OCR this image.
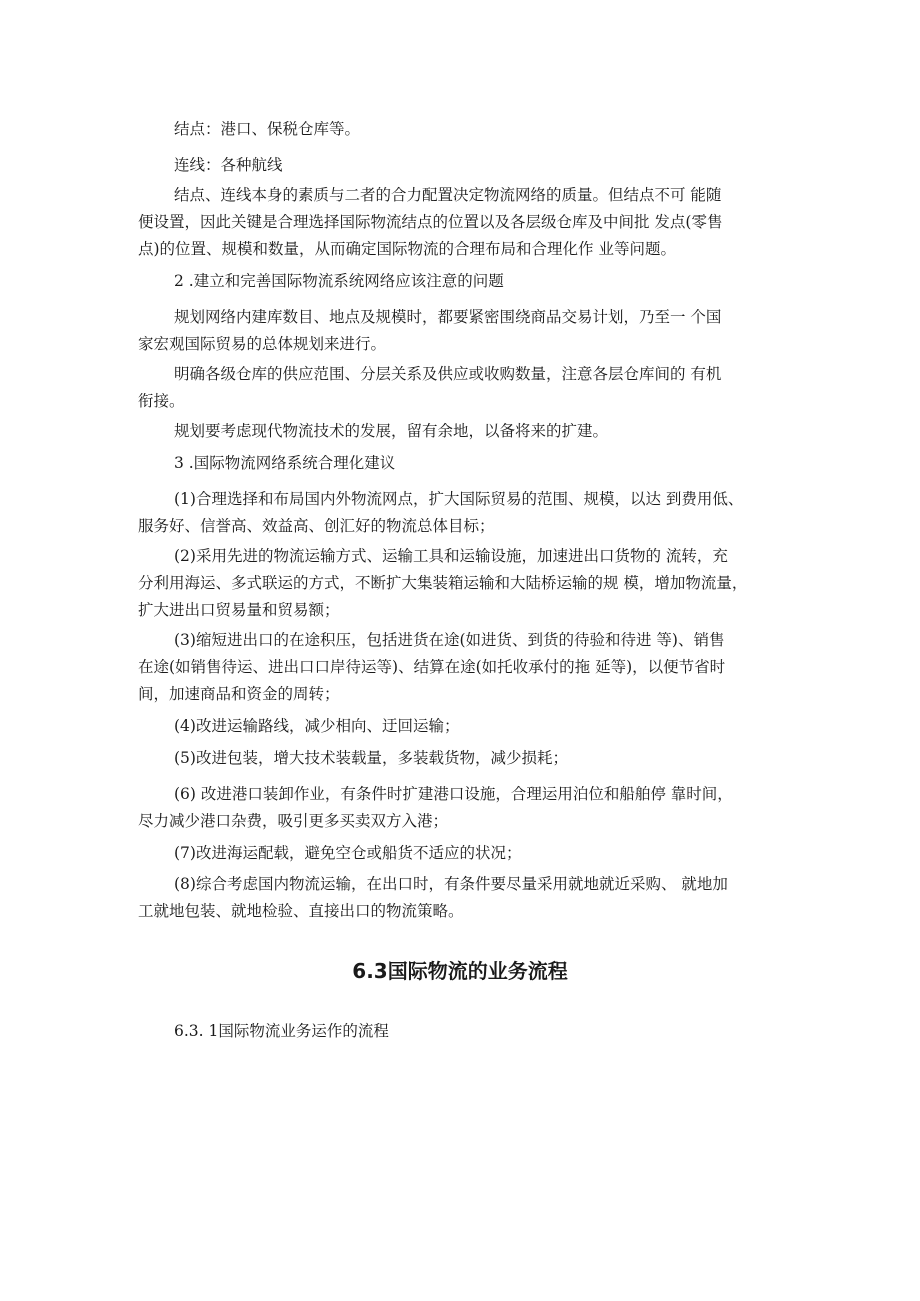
结点：港口、保税仓库等。
连线：各种航线
结点、连线本身的素质与二者的合力配置决定物流网络的质量。但结点不可 能随
便设置，因此关键是合理选择国际物流结点的位置以及各层级仓库及中间批 发点(零售
点)的位置、规模和数量，从而确定国际物流的合理布局和合理化作 业等问题。
2 .建立和完善国际物流系统网络应该注意的问题
规划网络内建库数目、地点及规模时，都要紧密围绕商品交易计划，乃至一 个国
家宏观国际贸易的总体规划来进行。
明确各级仓库的供应范围、分层关系及供应或收购数量，注意各层仓库间的 有机
衔接。
规划要考虑现代物流技术的发展，留有余地，以备将来的扩建。
3 .国际物流网络系统合理化建议
(1)合理选择和布局国内外物流网点，扩大国际贸易的范围、规模，以达 到费用低、
服务好、信誉高、效益高、创汇好的物流总体目标；
(2)采用先进的物流运输方式、运输工具和运输设施，加速进出口货物的 流转，充
分利用海运、多式联运的方式，不断扩大集装箱运输和大陆桥运输的规 模，增加物流量，
扩大进出口贸易量和贸易额；
(3)缩短进出口的在途积压，包括进货在途(如进货、到货的待验和待进 等)、销售
在途(如销售待运、进出口口岸待运等)、结算在途(如托收承付的拖 延等)，以便节省时
间，加速商品和资金的周转；
(4)改进运输路线，减少相向、迂回运输；
(5)改进包装，增大技术装载量，多装载货物，减少损耗；
(6) 改进港口装卸作业，有条件时扩建港口设施，合理运用泊位和船舶停 靠时间，
尽力减少港口杂费，吸引更多买卖双方入港；
(7)改进海运配载，避免空仓或船货不适应的状况；
(8)综合考虑国内物流运输，在出口时，有条件要尽量采用就地就近采购、 就地加
工就地包装、就地检验、直接出口的物流策略。
6.3国际物流的业务流程
6.3. 1国际物流业务运作的流程
